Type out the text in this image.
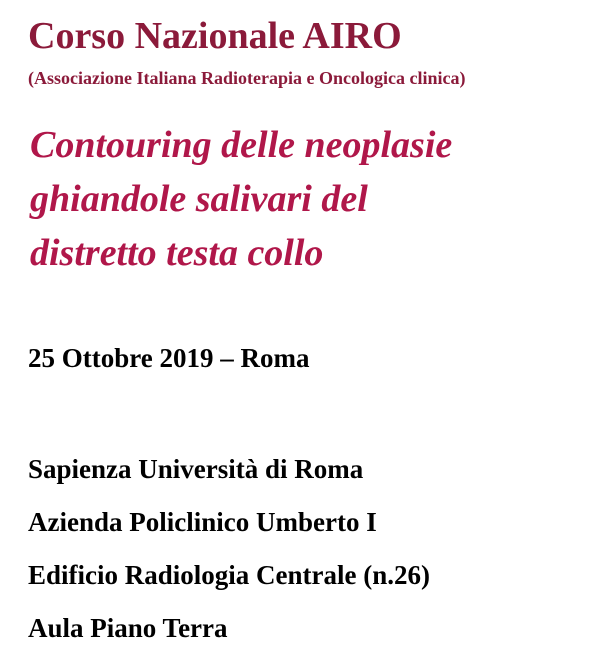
Corso Nazionale AIRO

(Associazione Italiana Radioterapia e Oncologica clinica)

Contouring delle neoplasie
ghiandole salivari del
distretto testa collo

25 Ottobre 2019 – Roma

Sapienza Università di Roma
Azienda Policlinico Umberto I
Edificio Radiologia Centrale (n.26)
Aula Piano Terra
